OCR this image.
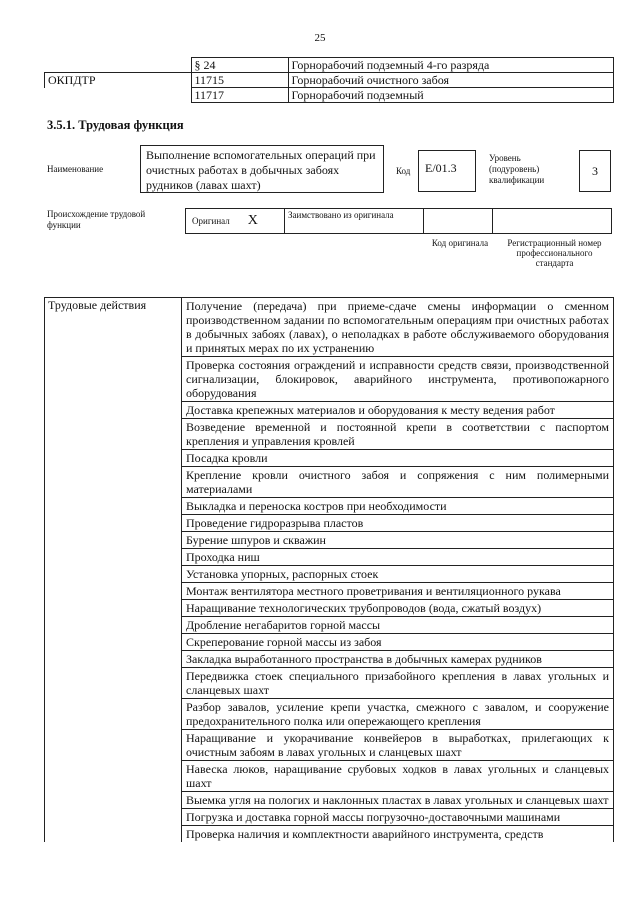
25
	§ 24	Горнорабочий подземный 4-го разряда
ОКПДТР	11715	Горнорабочий очистного забоя
	11717	Горнорабочий подземный
3.5.1. Трудовая функция
Наименование
Выполнение вспомогательных операций при очистных работах в добычных забоях рудников (лавах шахт)
Код	E/01.3
Уровень (подуровень) квалификации
3
Происхождение трудовой функции	Оригинал X	Заимствовано из оригинала
Код оригинала	Регистрационный номер профессионального стандарта
Трудовые действия	Получение (передача) при приеме-сдаче смены информации о сменном производственном задании по вспомогательным операциям при очистных работах в добычных забоях (лавах), о неполадках в работе обслуживаемого оборудования и принятых мерах по их устранению
	Проверка состояния ограждений и исправности средств связи, производственной сигнализации, блокировок, аварийного инструмента, противопожарного оборудования
	Доставка крепежных материалов и оборудования к месту ведения работ
	Возведение временной и постоянной крепи в соответствии с паспортом крепления и управления кровлей
	Посадка кровли
	Крепление кровли очистного забоя и сопряжения с ним полимерными материалами
	Выкладка и переноска костров при необходимости
	Проведение гидроразрыва пластов
	Бурение шпуров и скважин
	Проходка ниш
	Установка упорных, распорных стоек
	Монтаж вентилятора местного проветривания и вентиляционного рукава
	Наращивание технологических трубопроводов (вода, сжатый воздух)
	Дробление негабаритов горной массы
	Скреперование горной массы из забоя
	Закладка выработанного пространства в добычных камерах рудников
	Передвижка стоек специального призабойного крепления в лавах угольных и сланцевых шахт
	Разбор завалов, усиление крепи участка, смежного с завалом, и сооружение предохранительного полка или опережающего крепления
	Наращивание и укорачивание конвейеров в выработках, прилегающих к очистным забоям в лавах угольных и сланцевых шахт
	Навеска люков, наращивание срубовых ходков в лавах угольных и сланцевых шахт
	Выемка угля на пологих и наклонных пластах в лавах угольных и сланцевых шахт
	Погрузка и доставка горной массы погрузочно-доставочными машинами
	Проверка наличия и комплектности аварийного инструмента, средств
